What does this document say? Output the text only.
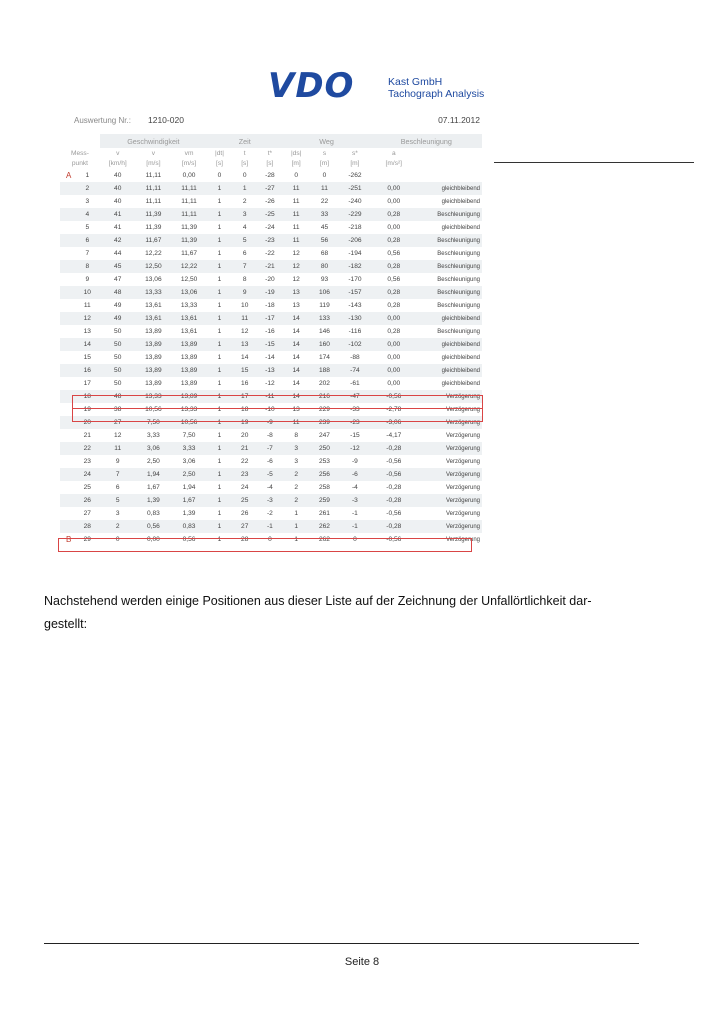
VDO	Kast GmbH
Tachograph Analysis
Auswertung Nr.: 1210-020	07.11.2012
		Geschwindigkeit			Zeit			Weg			Beschleunigung	
Mess-		v	v	vm	|dt|	t	t*	|ds|	s	s*	a	
punkt		[km/h]	[m/s]	[m/s]	[s]	[s]	[s]	[m]	[m]	[m]	[m/s²]	
A	1	40	11,11	0,00	0	0	-28	0	0	-262		
	2	40	11,11	11,11	1	1	-27	11	11	-251	0,00	gleichbleibend
	3	40	11,11	11,11	1	2	-26	11	22	-240	0,00	gleichbleibend
	4	41	11,39	11,11	1	3	-25	11	33	-229	0,28	Beschleunigung
	5	41	11,39	11,39	1	4	-24	11	45	-218	0,00	gleichbleibend
	6	42	11,67	11,39	1	5	-23	11	56	-206	0,28	Beschleunigung
	7	44	12,22	11,67	1	6	-22	12	68	-194	0,56	Beschleunigung
	8	45	12,50	12,22	1	7	-21	12	80	-182	0,28	Beschleunigung
	9	47	13,06	12,50	1	8	-20	12	93	-170	0,56	Beschleunigung
	10	48	13,33	13,06	1	9	-19	13	106	-157	0,28	Beschleunigung
	11	49	13,61	13,33	1	10	-18	13	119	-143	0,28	Beschleunigung
	12	49	13,61	13,61	1	11	-17	14	133	-130	0,00	gleichbleibend
	13	50	13,89	13,61	1	12	-16	14	146	-116	0,28	Beschleunigung
	14	50	13,89	13,89	1	13	-15	14	160	-102	0,00	gleichbleibend
	15	50	13,89	13,89	1	14	-14	14	174	-88	0,00	gleichbleibend
	16	50	13,89	13,89	1	15	-13	14	188	-74	0,00	gleichbleibend
	17	50	13,89	13,89	1	16	-12	14	202	-61	0,00	gleichbleibend
	18	48	13,33	13,89	1	17	-11	14	216	-47	-0,56	Verzögerung
	19	38	10,56	13,33	1	18	-10	13	229	-33	-2,78	Verzögerung
	20	27	7,50	10,56	1	19	-9	11	239	-23	-3,06	Verzögerung
	21	12	3,33	7,50	1	20	-8	8	247	-15	-4,17	Verzögerung
	22	11	3,06	3,33	1	21	-7	3	250	-12	-0,28	Verzögerung
	23	9	2,50	3,06	1	22	-6	3	253	-9	-0,56	Verzögerung
	24	7	1,94	2,50	1	23	-5	2	256	-6	-0,56	Verzögerung
	25	6	1,67	1,94	1	24	-4	2	258	-4	-0,28	Verzögerung
	26	5	1,39	1,67	1	25	-3	2	259	-3	-0,28	Verzögerung
	27	3	0,83	1,39	1	26	-2	1	261	-1	-0,56	Verzögerung
	28	2	0,56	0,83	1	27	-1	1	262	-1	-0,28	Verzögerung
B	29	0	0,00	0,56	1	28	0	1	262	0	-0,56	Verzögerung
Nachstehend werden einige Positionen aus dieser Liste auf der Zeichnung der Unfallörtlichkeit dar-
gestellt:
Seite 8
